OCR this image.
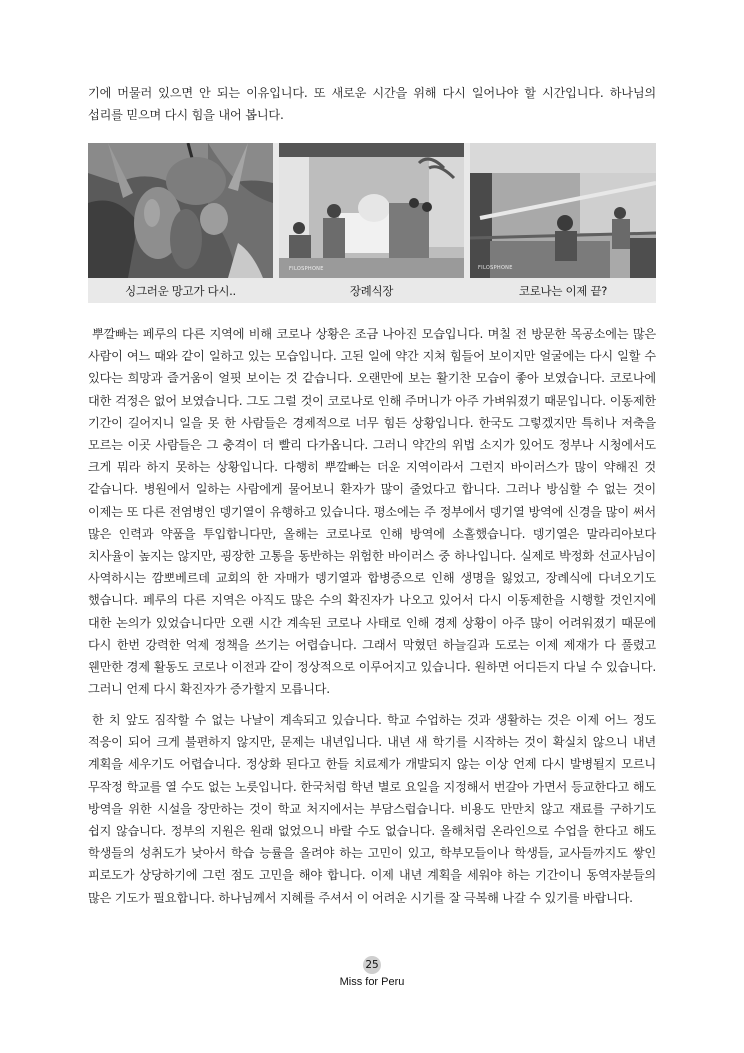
기에 머물러 있으면 안 되는 이유입니다. 또 새로운 시간을 위해 다시 일어나야 할 시간입니다. 하나님의 섭리를 믿으며 다시 힘을 내어 봅니다.

FILOSPHONE	FILOSPHONE
싱그러운 망고가 다시..	장례식장	코로나는 이제 끝?

뿌깔빠는 페루의 다른 지역에 비해 코로나 상황은 조금 나아진 모습입니다. 며칠 전 방문한 목공소에는 많은 사람이 여느 때와 같이 일하고 있는 모습입니다. 고된 일에 약간 지쳐 힘들어 보이지만 얼굴에는 다시 일할 수 있다는 희망과 즐거움이 얼핏 보이는 것 같습니다. 오랜만에 보는 활기찬 모습이 좋아 보였습니다. 코로나에 대한 걱정은 없어 보였습니다. 그도 그럴 것이 코로나로 인해 주머니가 아주 가벼워졌기 때문입니다. 이동제한 기간이 길어지니 일을 못 한 사람들은 경제적으로 너무 힘든 상황입니다. 한국도 그렇겠지만 특히나 저축을 모르는 이곳 사람들은 그 충격이 더 빨리 다가옵니다. 그러니 약간의 위법 소지가 있어도 정부나 시청에서도 크게 뭐라 하지 못하는 상황입니다. 다행히 뿌깔빠는 더운 지역이라서 그런지 바이러스가 많이 약해진 것 같습니다. 병원에서 일하는 사람에게 물어보니 환자가 많이 줄었다고 합니다. 그러나 방심할 수 없는 것이 이제는 또 다른 전염병인 뎅기열이 유행하고 있습니다. 평소에는 주 정부에서 뎅기열 방역에 신경을 많이 써서 많은 인력과 약품을 투입합니다만, 올해는 코로나로 인해 방역에 소홀했습니다. 뎅기열은 말라리아보다 치사율이 높지는 않지만, 굉장한 고통을 동반하는 위험한 바이러스 중 하나입니다. 실제로 박정화 선교사님이 사역하시는 깜뽀베르데 교회의 한 자매가 뎅기열과 합병증으로 인해 생명을 잃었고, 장례식에 다녀오기도 했습니다. 페루의 다른 지역은 아직도 많은 수의 확진자가 나오고 있어서 다시 이동제한을 시행할 것인지에 대한 논의가 있었습니다만 오랜 시간 계속된 코로나 사태로 인해 경제 상황이 아주 많이 어려워졌기 때문에 다시 한번 강력한 억제 정책을 쓰기는 어렵습니다. 그래서 막혔던 하늘길과 도로는 이제 제재가 다 풀렸고 웬만한 경제 활동도 코로나 이전과 같이 정상적으로 이루어지고 있습니다. 원하면 어디든지 다닐 수 있습니다. 그러니 언제 다시 확진자가 증가할지 모릅니다.

한 치 앞도 짐작할 수 없는 나날이 계속되고 있습니다. 학교 수업하는 것과 생활하는 것은 이제 어느 정도 적응이 되어 크게 불편하지 않지만, 문제는 내년입니다. 내년 새 학기를 시작하는 것이 확실치 않으니 내년 계획을 세우기도 어렵습니다. 정상화 된다고 한들 치료제가 개발되지 않는 이상 언제 다시 발병될지 모르니 무작정 학교를 열 수도 없는 노릇입니다. 한국처럼 학년 별로 요일을 지정해서 번갈아 가면서 등교한다고 해도 방역을 위한 시설을 장만하는 것이 학교 처지에서는 부담스럽습니다. 비용도 만만치 않고 재료를 구하기도 쉽지 않습니다. 정부의 지원은 원래 없었으니 바랄 수도 없습니다. 올해처럼 온라인으로 수업을 한다고 해도 학생들의 성취도가 낮아서 학습 능률을 올려야 하는 고민이 있고, 학부모들이나 학생들, 교사들까지도 쌓인 피로도가 상당하기에 그런 점도 고민을 해야 합니다. 이제 내년 계획을 세워야 하는 기간이니 동역자분들의 많은 기도가 필요합니다. 하나님께서 지혜를 주셔서 이 어려운 시기를 잘 극복해 나갈 수 있기를 바랍니다.

25
Miss for Peru
